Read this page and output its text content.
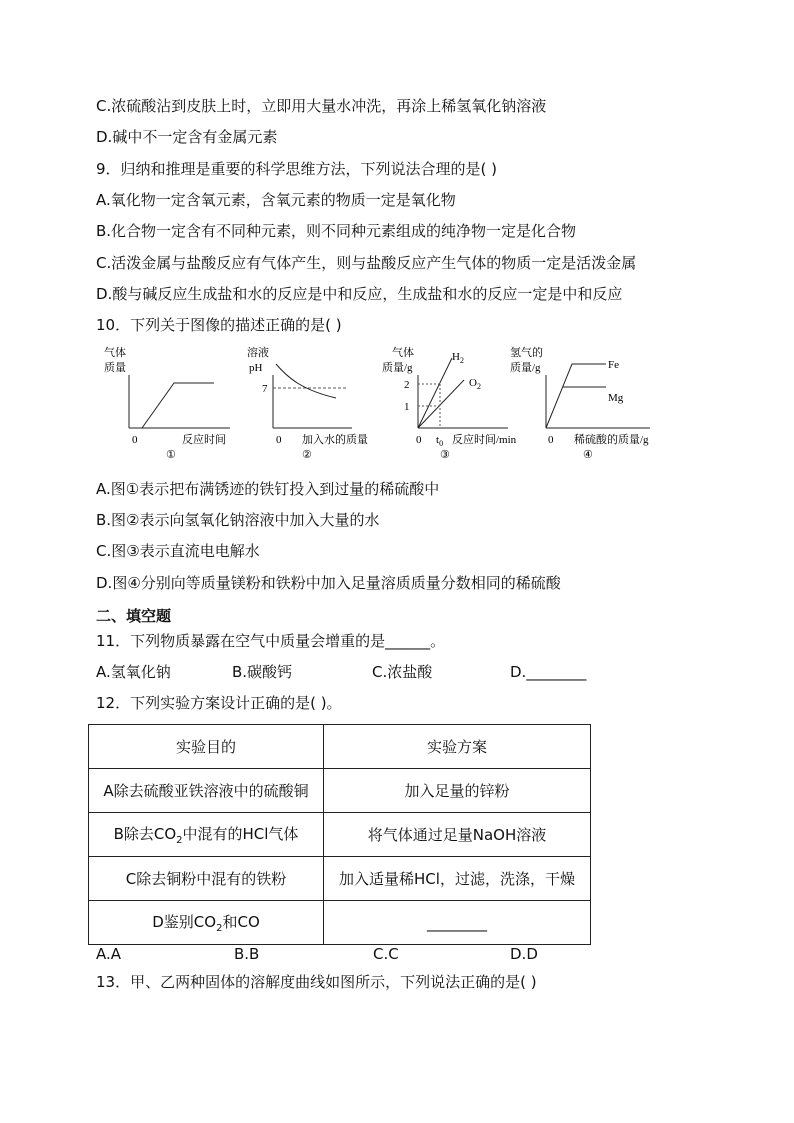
C.浓硫酸沾到皮肤上时，立即用大量水冲洗，再涂上稀氢氧化钠溶液
D.碱中不一定含有金属元素
9．归纳和推理是重要的科学思维方法，下列说法合理的是( )
A.氧化物一定含氧元素，含氧元素的物质一定是氧化物
B.化合物一定含有不同种元素，则不同种元素组成的纯净物一定是化合物
C.活泼金属与盐酸反应有气体产生，则与盐酸反应产生气体的物质一定是活泼金属
D.酸与碱反应生成盐和水的反应是中和反应，生成盐和水的反应一定是中和反应
10．下列关于图像的描述正确的是( )
气体
质量
0	反应时间
①
溶液
pH
7
0 加入水的质量
②
气体
质量/g
2
1
$H_2$
$O_2$
0 $t_0$ 反应时间/min
③
氢气的
质量/g	Fe
Mg
0 稀硫酸的质量/g
④
A.图①表示把布满锈迹的铁钉投入到过量的稀硫酸中
B.图②表示向氢氧化钠溶液中加入大量的水
C.图③表示直流电电解水
D.图④分别向等质量镁粉和铁粉中加入足量溶质质量分数相同的稀硫酸
二、填空题
11．下列物质暴露在空气中质量会增重的是______。
A.氢氧化钠	B.碳酸钙	C.浓盐酸	D.________
12．下列实验方案设计正确的是( )。
实验目的	实验方案
A除去硫酸亚铁溶液中的硫酸铜	加入足量的锌粉
B除去$CO_2$中混有的HCl气体	将气体通过足量NaOH溶液
C除去铜粉中混有的铁粉	加入适量稀HCl，过滤，洗涤，干燥
D鉴别$CO_2$和CO	________
A.A	B.B	C.C	D.D
13．甲、乙两种固体的溶解度曲线如图所示，下列说法正确的是( )
